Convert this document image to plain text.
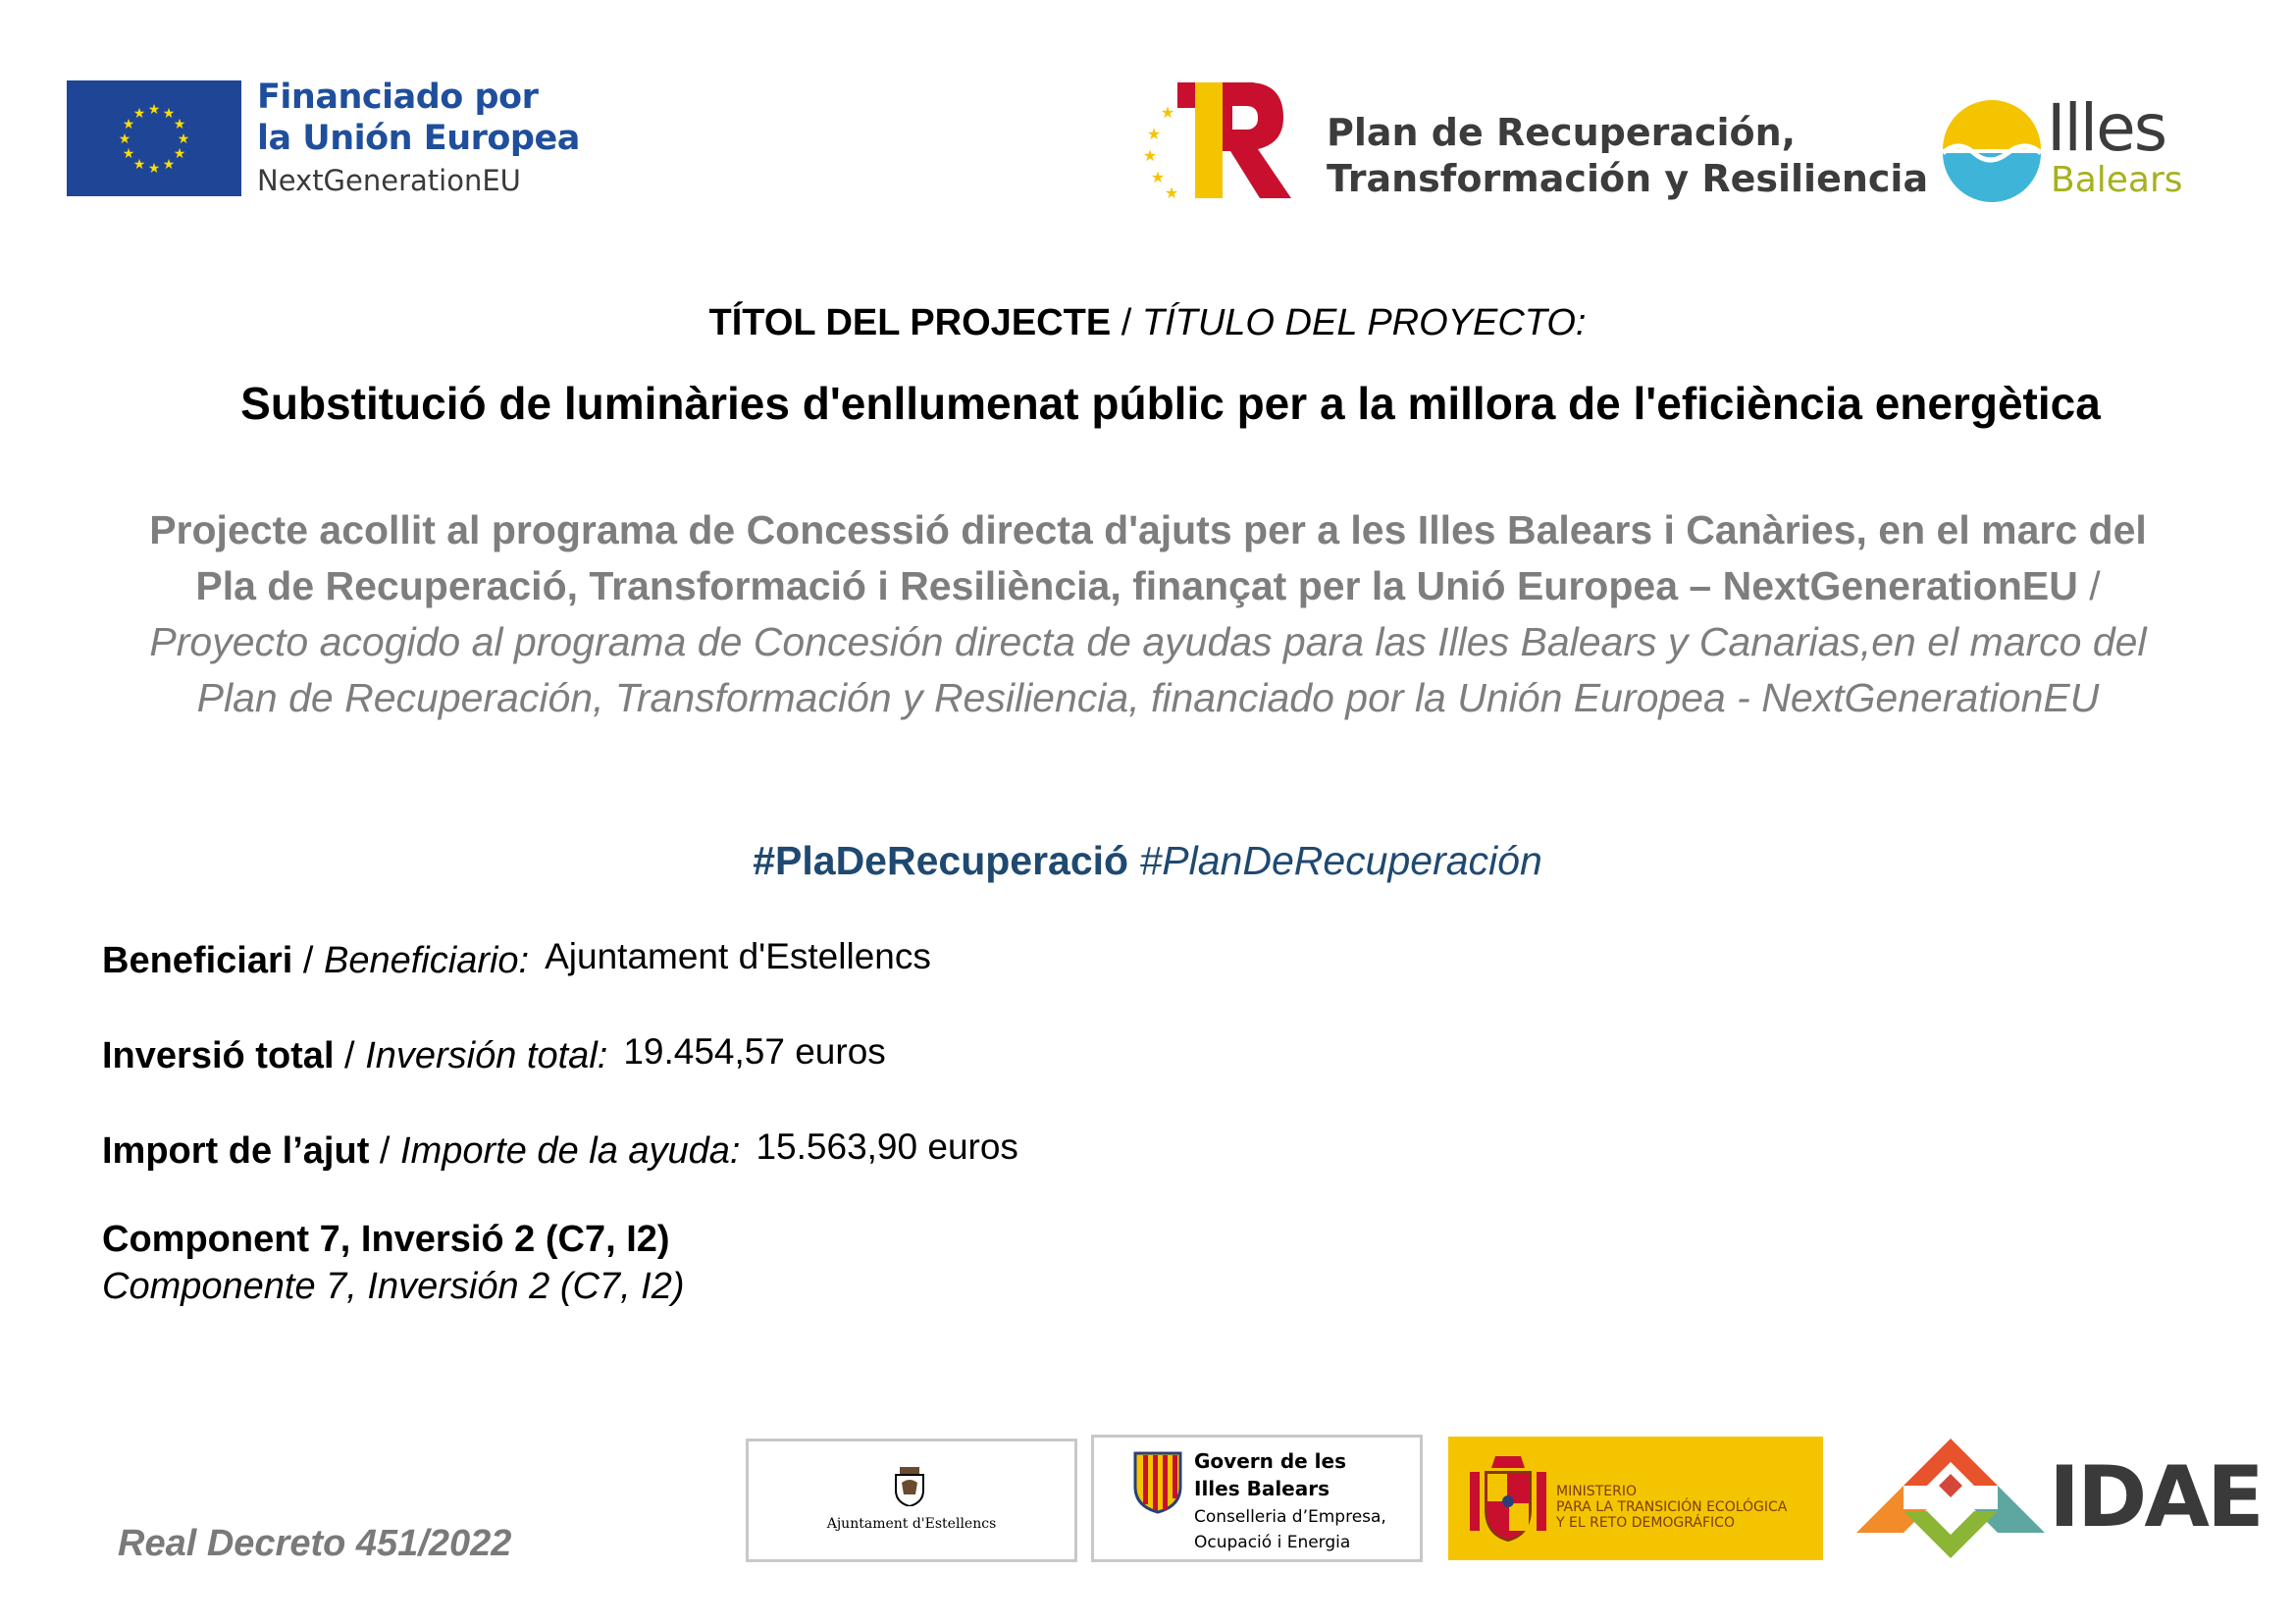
★ ★
★
★
★
★
★
★
★
★
★
★	Financiado por
la Unión Europea
NextGenerationEU
★
★
★
★
★
Plan de Recuperación,
Transformación y Resiliencia
Illes
Balears
TÍTOL DEL PROJECTE / TÍTULO DEL PROYECTO:
Substitució de luminàries d'enllumenat públic per a la millora de l'eficiència energètica
Projecte acollit al programa de Concessió directa d'ajuts per a les Illes Balears i Canàries, en el marc del Pla de Recuperació, Transformació i Resiliència, finançat per la Unió Europea – NextGenerationEU / Proyecto acogido al programa de Concesión directa de ayudas para las Illes Balears y Canarias,en el marco del Plan de Recuperación, Transformación y Resiliencia, financiado por la Unión Europea - NextGenerationEU
#PlaDeRecuperació #PlanDeRecuperación
Beneficiari / Beneficiario: Ajuntament d'Estellencs
Inversió total / Inversión total: 19.454,57 euros
Import de l’ajut / Importe de la ayuda: 15.563,90 euros
Component 7, Inversió 2 (C7, I2)
Componente 7, Inversión 2 (C7, I2)
Real Decreto 451/2022	Ajuntament d'Estellencs
Govern de les
Illes Balears
Conselleria d’Empresa,
Ocupació i Energia
MINISTERIO
PARA LA TRANSICIÓN ECOLÓGICA
Y EL RETO DEMOGRÁFICO	IDAE
